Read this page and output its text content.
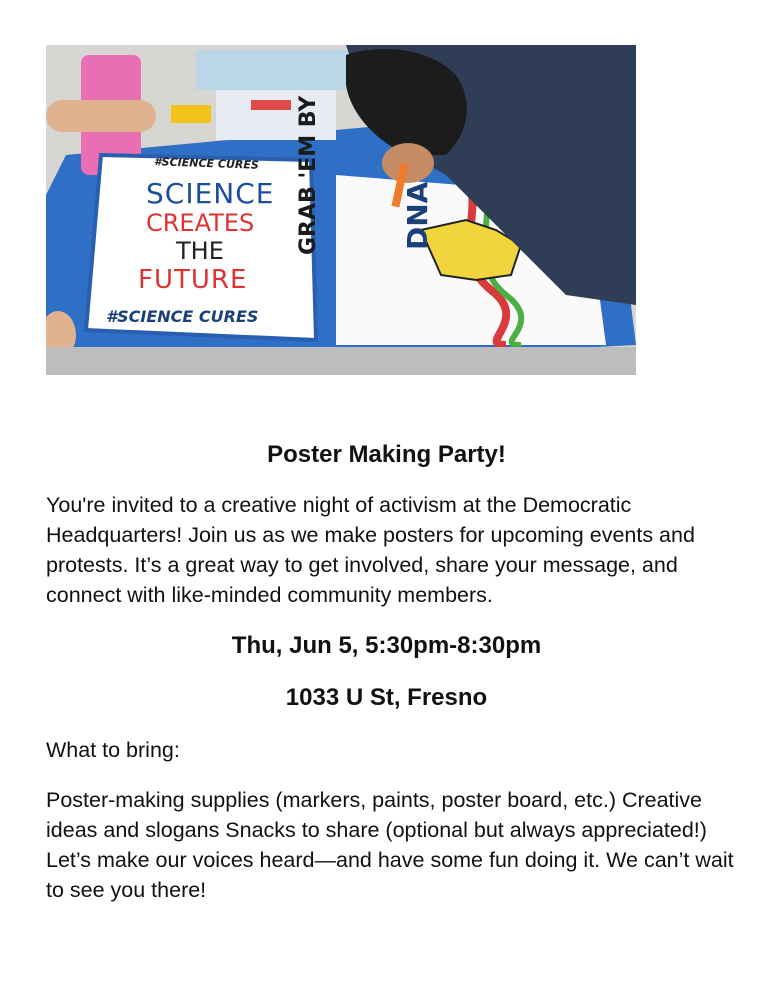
#SCIENCE CURES
SCIENCE
CREATES
THE
FUTURE
#SCIENCE CURES
GRAB 'EM BY	DNA
Poster Making Party!
You're invited to a creative night of activism at the Democratic Headquarters! Join us as we make posters for upcoming events and protests. It’s a great way to get involved, share your message, and connect with like-minded community members.
Thu, Jun 5, 5:30pm-8:30pm
1033 U St, Fresno
What to bring:
Poster-making supplies (markers, paints, poster board, etc.) Creative ideas and slogans Snacks to share (optional but always appreciated!) Let’s make our voices heard—and have some fun doing it. We can’t wait to see you there!
